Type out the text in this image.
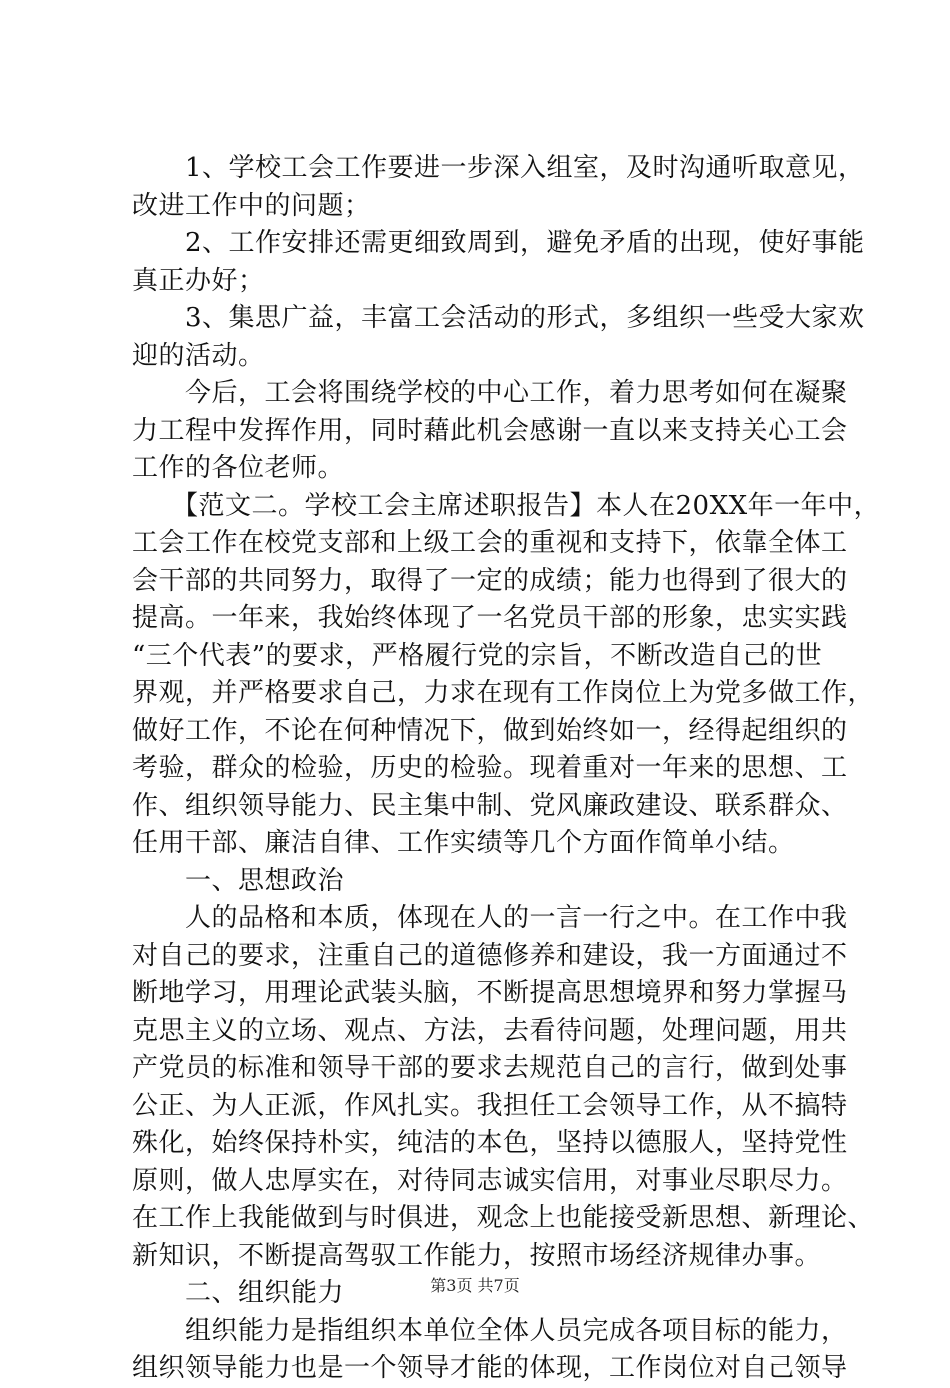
　　1、学校工会工作要进一步深入组室，及时沟通听取意见，
改进工作中的问题；
　　2、工作安排还需更细致周到，避免矛盾的出现，使好事能
真正办好；
　　3、集思广益，丰富工会活动的形式，多组织一些受大家欢
迎的活动。
　　今后，工会将围绕学校的中心工作，着力思考如何在凝聚
力工程中发挥作用，同时藉此机会感谢一直以来支持关心工会
工作的各位老师。
　　【范文二。学校工会主席述职报告】本人在20XX年一年中，
工会工作在校党支部和上级工会的重视和支持下，依靠全体工
会干部的共同努力，取得了一定的成绩；能力也得到了很大的
提高。一年来，我始终体现了一名党员干部的形象，忠实实践
“三个代表”的要求，严格履行党的宗旨，不断改造自己的世
界观，并严格要求自己，力求在现有工作岗位上为党多做工作，
做好工作，不论在何种情况下，做到始终如一，经得起组织的
考验，群众的检验，历史的检验。现着重对一年来的思想、工
作、组织领导能力、民主集中制、党风廉政建设、联系群众、
任用干部、廉洁自律、工作实绩等几个方面作简单小结。
　　一、思想政治
　　人的品格和本质，体现在人的一言一行之中。在工作中我
对自己的要求，注重自己的道德修养和建设，我一方面通过不
断地学习，用理论武装头脑，不断提高思想境界和努力掌握马
克思主义的立场、观点、方法，去看待问题，处理问题，用共
产党员的标准和领导干部的要求去规范自己的言行，做到处事
公正、为人正派，作风扎实。我担任工会领导工作，从不搞特
殊化，始终保持朴实，纯洁的本色，坚持以德服人，坚持党性
原则，做人忠厚实在，对待同志诚实信用，对事业尽职尽力。
在工作上我能做到与时俱进，观念上也能接受新思想、新理论、
新知识，不断提高驾驭工作能力，按照市场经济规律办事。
　　二、组织能力
　　组织能力是指组织本单位全体人员完成各项目标的能力，
组织领导能力也是一个领导才能的体现，工作岗位对自己领导
第3页 共7页
